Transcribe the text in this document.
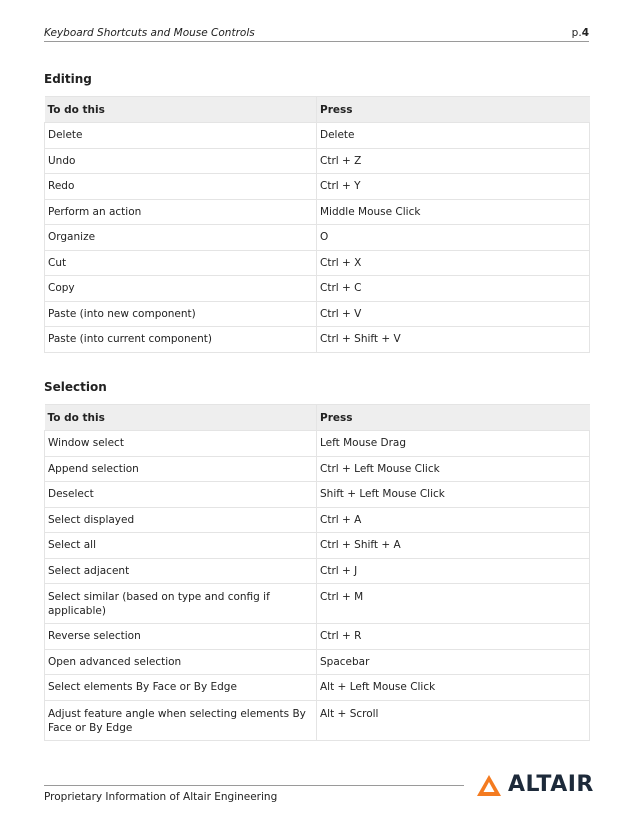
Keyboard Shortcuts and Mouse Controls	p.4
Editing
To do this	Press
Delete	Delete
Undo	Ctrl + Z
Redo	Ctrl + Y
Perform an action	Middle Mouse Click
Organize	O
Cut	Ctrl + X
Copy	Ctrl + C
Paste (into new component)	Ctrl + V
Paste (into current component)	Ctrl + Shift + V
Selection
To do this	Press
Window select	Left Mouse Drag
Append selection	Ctrl + Left Mouse Click
Deselect	Shift + Left Mouse Click
Select displayed	Ctrl + A
Select all	Ctrl + Shift + A
Select adjacent	Ctrl + J
Select similar (based on type and config if applicable)	Ctrl + M
Reverse selection	Ctrl + R
Open advanced selection	Spacebar
Select elements By Face or By Edge	Alt + Left Mouse Click
Adjust feature angle when selecting elements By Face or By Edge	Alt + Scroll
Proprietary Information of Altair Engineering	ALTAIR
